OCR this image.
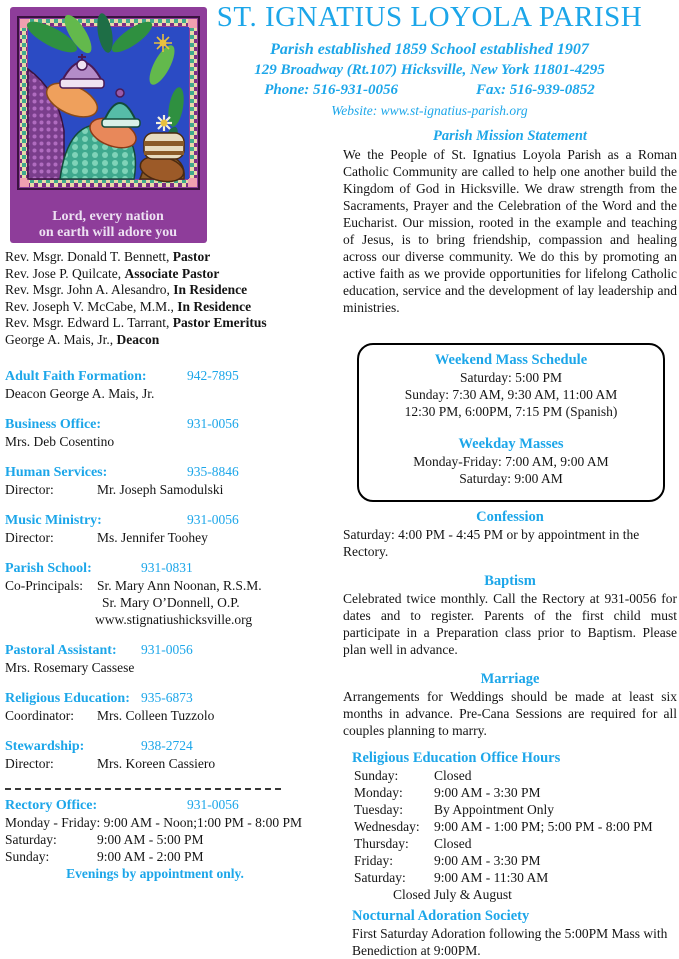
Lord, every nation
on earth will adore you
ST. IGNATIUS LOYOLA PARISH
Parish established 1859 School established 1907
129 Broadway (Rt.107) Hicksville, New York 11801-4295
Phone: 516-931-0056	Fax: 516-939-0852
Website: www.st-ignatius-parish.org
Rev. Msgr. Donald T. Bennett, Pastor
Rev. Jose P. Quilcate, Associate Pastor
Rev. Msgr. John A. Alesandro, In Residence
Rev. Joseph V. McCabe, M.M., In Residence
Rev. Msgr. Edward L. Tarrant, Pastor Emeritus
George A. Mais, Jr., Deacon
Adult Faith Formation:	942-7895
Deacon George A. Mais, Jr.
Business Office:	931-0056
Mrs. Deb Cosentino
Human Services:	935-8846
Director:	Mr. Joseph Samodulski
Music Ministry:	931-0056
Director:	Ms. Jennifer Toohey
Parish School:	931-0831
Co-Principals: Sr. Mary Ann Noonan, R.S.M.
Sr. Mary O’Donnell, O.P.
www.stignatiushicksville.org
Pastoral Assistant: 931-0056
Mrs. Rosemary Cassese
Religious Education: 935-6873
Coordinator: Mrs. Colleen Tuzzolo
Stewardship:	938-2724
Director:	Mrs. Koreen Cassiero
Rectory Office:	931-0056
Monday - Friday: 9:00 AM - Noon;1:00 PM - 8:00 PM
Saturday:	9:00 AM - 5:00 PM
Sunday:	9:00 AM - 2:00 PM
Evenings by appointment only.
Parish Mission Statement
We the People of St. Ignatius Loyola Parish as a Roman Catholic Community are called to help one another build the Kingdom of God in Hicksville. We draw strength from the Sacraments, Prayer and the Celebration of the Word and the Eucharist. Our mission, rooted in the example and teaching of Jesus, is to bring friendship, compassion and healing across our diverse community. We do this by promoting an active faith as we provide opportunities for lifelong Catholic education, service and the development of lay leadership and ministries.
Weekend Mass Schedule
Saturday: 5:00 PM
Sunday: 7:30 AM, 9:30 AM, 11:00 AM
12:30 PM, 6:00PM, 7:15 PM (Spanish)
Weekday Masses
Monday-Friday: 7:00 AM, 9:00 AM
Saturday: 9:00 AM
Confession
Saturday: 4:00 PM - 4:45 PM or by appointment in the Rectory.
Baptism
Celebrated twice monthly. Call the Rectory at 931-0056 for dates and to register. Parents of the first child must participate in a Preparation class prior to Baptism. Please plan well in advance.
Marriage
Arrangements for Weddings should be made at least six months in advance. Pre-Cana Sessions are required for all couples planning to marry.
Religious Education Office Hours
Sunday:	Closed
Monday: 9:00 AM - 3:30 PM
Tuesday: By Appointment Only
Wednesday: 9:00 AM - 1:00 PM; 5:00 PM - 8:00 PM
Thursday: Closed
Friday:	9:00 AM - 3:30 PM
Saturday: 9:00 AM - 11:30 AM
Closed July & August
Nocturnal Adoration Society
First Saturday Adoration following the 5:00PM Mass with Benediction at 9:00PM.
